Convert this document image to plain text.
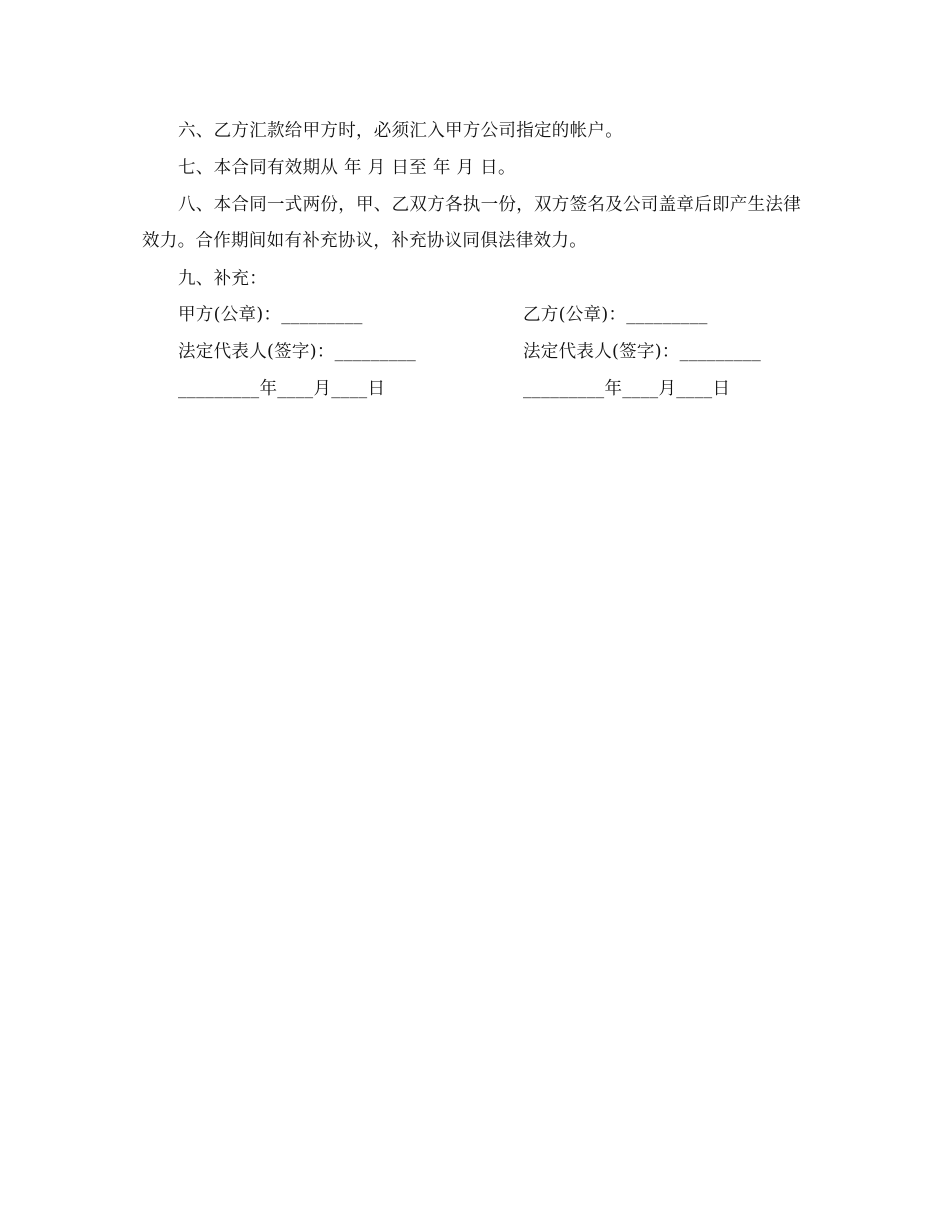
六、乙方汇款给甲方时，必须汇入甲方公司指定的帐户。

七、本合同有效期从 年 月 日至 年 月 日。

八、本合同一式两份，甲、乙双方各执一份，双方签名及公司盖章后即产生法律效力。合作期间如有补充协议，补充协议同俱法律效力。

九、补充：

甲方(公章)：_________	乙方(公章)：_________
法定代表人(签字)：_________	法定代表人(签字)：_________
_________年____月____日	_________年____月____日
